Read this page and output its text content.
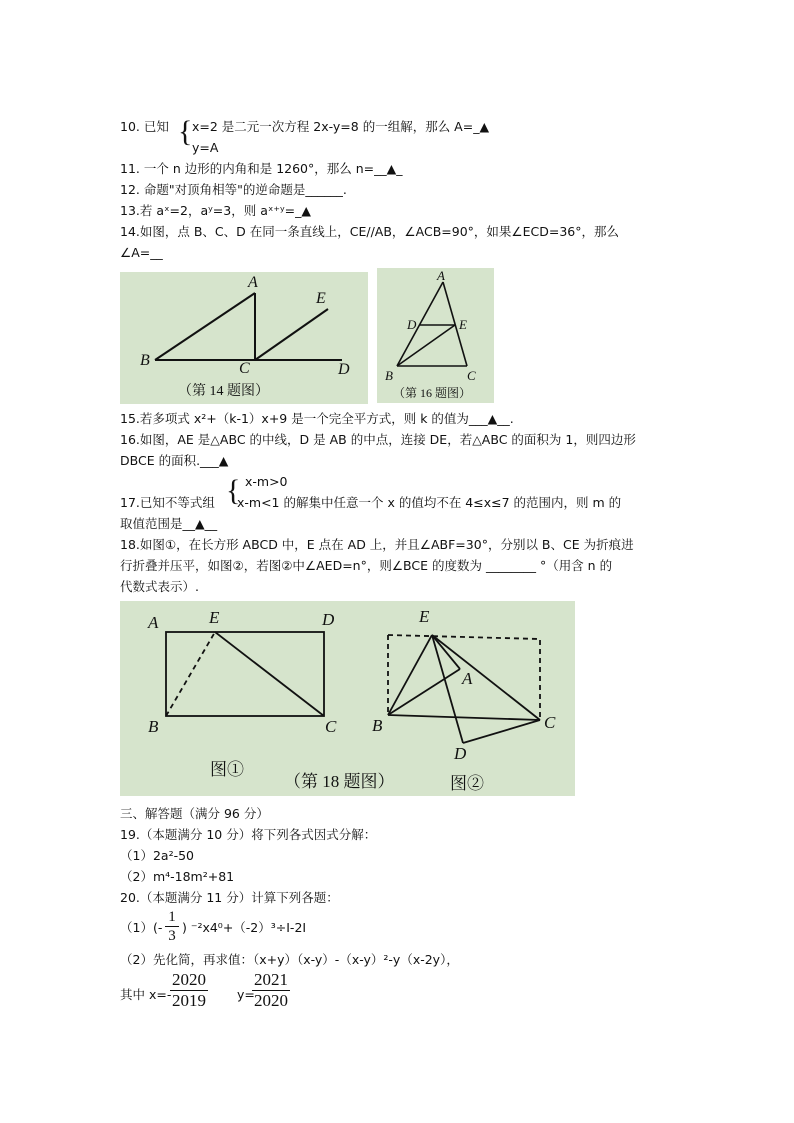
10. 已知 { x=2 是二元一次方程 2x-y=8 的一组解，那么 A=_▲
y=A
11. 一个 n 边形的内角和是 1260°，那么 n=__▲_
12. 命题"对顶角相等"的逆命题是______.
13.若 aˣ=2，aʸ=3，则 aˣ⁺ʸ=_▲
14.如图，点 B、C、D 在同一条直线上，CE//AB，∠ACB=90°，如果∠ECD=36°，那么
∠A=__
A
E
B	C	D
（第 14 题图）
A
D	E
B	C
（第 16 题图）
15.若多项式 x²+（k-1）x+9 是一个完全平方式，则 k 的值为___▲__.
16.如图，AE 是△ABC 的中线，D 是 AB 的中点，连接 DE，若△ABC 的面积为 1，则四边形
DBCE 的面积.___▲
x-m>0
{
17.已知不等式组 x-m<1 的解集中任意一个 x 的值均不在 4≤x≤7 的范围内，则 m 的
取值范围是__▲__
18.如图①，在长方形 ABCD 中，E 点在 AD 上，并且∠ABF=30°，分别以 B、CE 为折痕进
行折叠并压平，如图②，若图②中∠AED=n°，则∠BCE 的度数为 ________ °（用含 n 的
代数式表示）.
A	E	D
B	C
图①
（第 18 题图）
E
A
B	C
D
图②
三、解答题（满分 96 分）
19.（本题满分 10 分）将下列各式因式分解：
（1）2a²-50
（2）m⁴-18m²+81
20.（本题满分 11 分）计算下列各题：
$(1)(- \frac{1}{3}$ ) ⁻²x4⁰+（-2）³÷I-2I
（2）先化简，再求值：（x+y）（x-y）-（x-y）²-y（x-2y），
其中 x=-
$\frac{2020}{2019} y=$
$\frac{2021}{2020}$
